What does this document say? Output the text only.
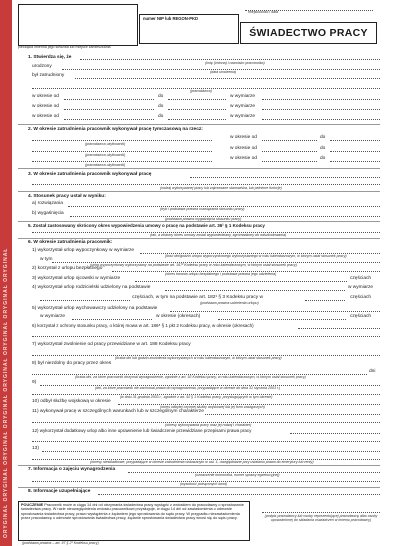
ORYGINAŁ ORYGINAŁ ORYGINAŁ ORYGINAŁ ORYGINAŁ ORYGINAŁ ORYGINAŁ ORYGINAŁ
pieczątka imienna jego siedziba lub miejsce zamieszkania
numer NIP lub REGON-PKD
miejscowość i data
ŚWIADECTWO PRACY
1. Stwierdza się, że
(imię (imiona) i nazwisko pracownika)
urodzony
(data urodzenia)
był zatrudniony
(pracodawca)
w okresie od	do	w wymiarze
w okresie od	do	w wymiarze
w okresie od	do	w wymiarze
2. W okresie zatrudnienia pracownik wykonywał pracę tymczasową na rzecz:
(pracodawca użytkownik)
w okresie od	do
(pracodawca użytkownik)
w okresie od	do
(pracodawca użytkownik)
w okresie od	do
3. W okresie zatrudnienia pracownik wykonywał pracę
(rodzaj wykonywanej pracy lub zajmowane stanowiska, lub pełnione funkcje)
4. Stosunek pracy ustał w wyniku:
a) rozwiązania
(tryb i podstawa prawna rozwiązania stosunku pracy)
b) wygaśnięcia
(podstawa prawna wygaśnięcia stosunku pracy)
5. Został zastosowany skrócony okres wypowiedzenia umowy o pracę na podstawie art. 36¹ § 1 Kodeksu pracy
(tak, a złożony okres umowy został wypowiedziany, zgromadzony do odszkodowania)
6. W okresie zatrudnienia pracownik:
1) wykorzystał urlop wypoczynkowy w wymiarze
(ilość dni/godzin urlopu wypoczynkowego wykorzystanego w roku kalendarzowym, w którym ustał stosunek pracy)
w tym
(urlop wypoczynkowy wykorzystany na podstawie art. 167² Kodeksu pracy w roku kalendarzowym, w którym ustał stosunek pracy)
2) korzystał z urlopu bezpłatnego
(okres trwania urlopu bezpłatnego i podstawa prawna jego udzielenia)
3) wykorzystał urlop ojcowski w wymiarze	częściach
4) wykorzystał urlop rodzicielski udzielony na podstawie	w wymiarze
częściach, w tym na podstawie art. 182¹ § 3 Kodeksu pracy w	częściach
(podstawa prawna udzielenia urlopu)
5) wykorzystał urlop wychowawczy udzielony na podstawie
w wymiarze	w okresie (okresach)	częściach
6) korzystał z ochrony stosunku pracy, o której mowa w art. 186⁸ § 1 pkt 2 Kodeksu pracy, w okresie (okresach)
7) wykorzystał zwolnienie od pracy przewidziane w art. 188 Kodeksu pracy
(liczba dni lub godzin zwolnienia wykorzystanych w roku kalendarzowym, w którym ustał stosunek pracy)
8) był niezdolny do pracy przez okres
dni
(liczba dni, za które pracownik otrzymał wynagrodzenie, zgodnie z art. 92 Kodeksu pracy, w roku kalendarzowym, w którym ustał stosunek pracy)
9)
(dni, za które pracownik nie zachował prawa do wynagrodzenia, przypadające w okresie do dnia 31 stycznia 2003 r.)
(w dniu 31 grudnia 2003 r., zgodnie z art. 92 § 1 Kodeksu pracy, przysługujących w tym okresie)
10) odbył służbę wojskową w okresie
(okres odbytej czynnej służby wojskowej lub jej form zastępczych)
11) wykonywał pracę w szczególnych warunkach lub w szczególnym charakterze
(okresy wykonywania pracy oraz jej rodzaj i charakter)
12) wykorzystał dodatkowy urlop albo inne uprawnienie lub świadczenie przewidziane przepisami prawa pracy
13)
(okresy nieskładkowe, przypadające w okresie zatrudnienia wskazanym w ust. 1, uwzględniane przy ustalaniu prawa do emerytury lub renty)
7. Informacja o zajęciu wynagrodzenia
(oznaczenie komornika, numer sprawy egzekucyjnej)
(wysokość potrąconych kwot)
8. Informacje uzupełniające
POUCZENIE Pracownik może w ciągu 14 dni od otrzymania świadectwa pracy wystąpić z wnioskiem do pracodawcy o sprostowanie świadectwa pracy. W razie nieuwzględnienia wniosku pracownikowi przysługuje, w ciągu 14 dni od zawiadomienia o odmowie sprostowania świadectwa pracy, prawo wystąpienia z żądaniem jego sprostowania do sądu pracy. W przypadku niezawiadomienia przez pracodawcę o odmowie sprostowania świadectwa pracy, żądanie sprostowania świadectwa pracy wnosi się do sądu pracy.
(podstawa prawna – art. 97 § 2¹ Kodeksu pracy)
(podpis pracodawcy lub osoby reprezentującej pracodawcę albo osoby upoważnionej do składania oświadczeń w imieniu pracodawcy)
